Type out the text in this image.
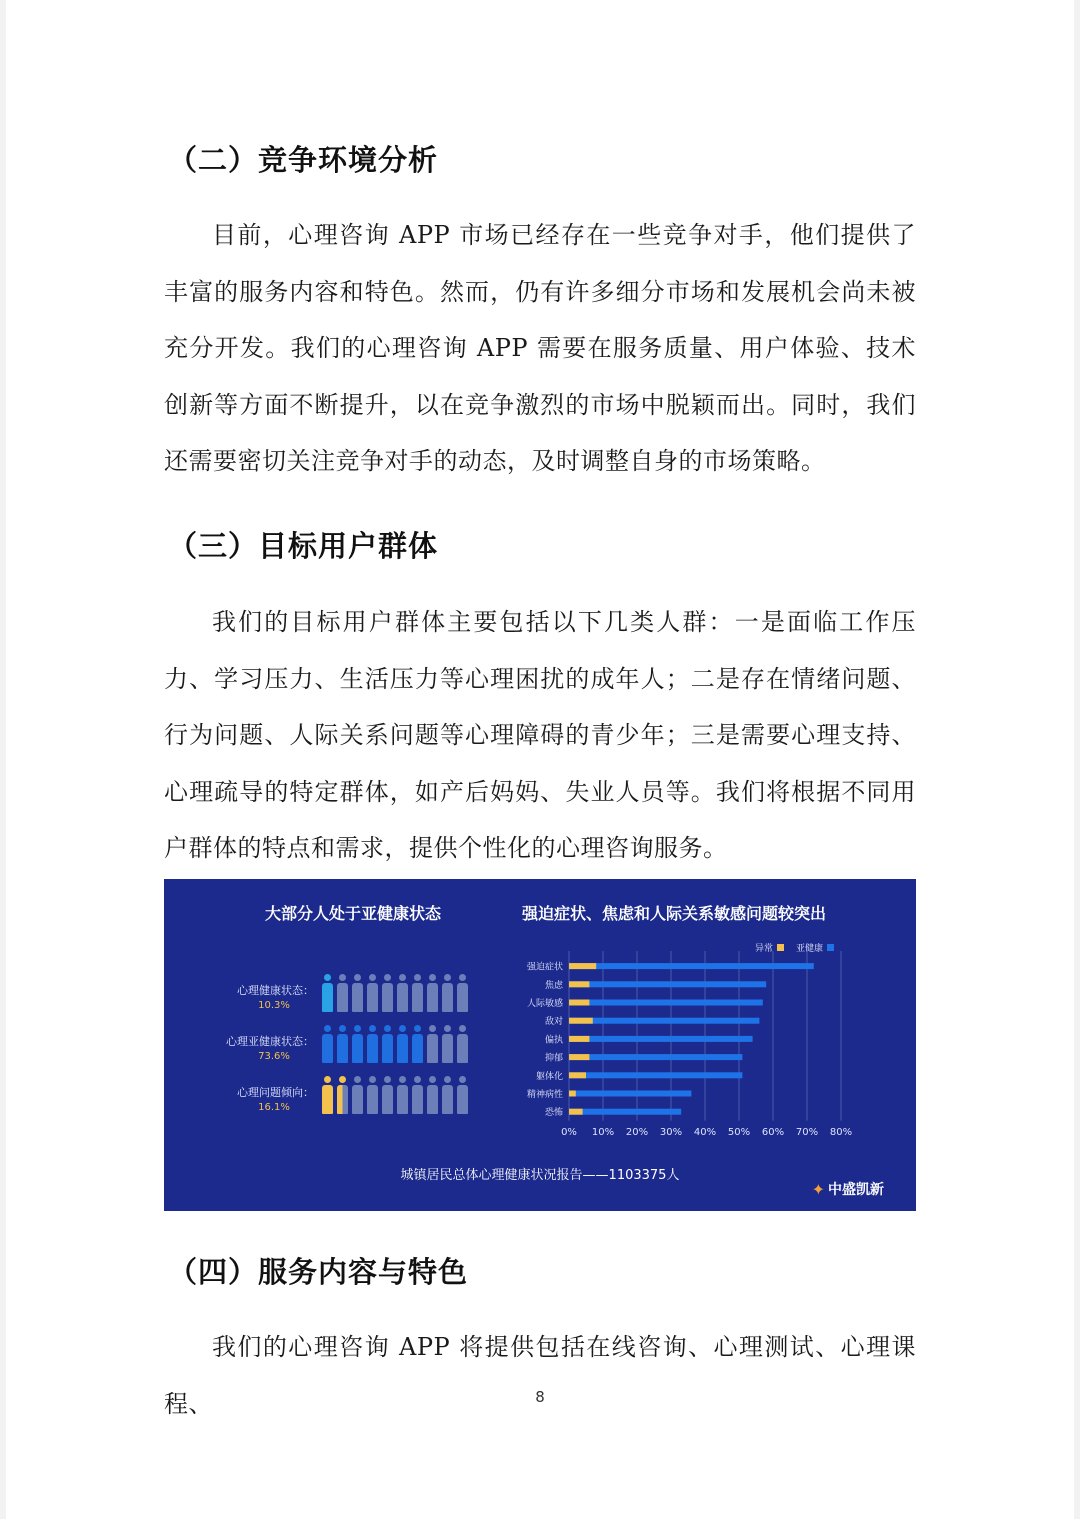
（二）竞争环境分析

目前，心理咨询 APP 市场已经存在一些竞争对手，他们提供了丰富的服务内容和特色。然而，仍有许多细分市场和发展机会尚未被充分开发。我们的心理咨询 APP 需要在服务质量、用户体验、技术创新等方面不断提升，以在竞争激烈的市场中脱颖而出。同时，我们还需要密切关注竞争对手的动态，及时调整自身的市场策略。

（三）目标用户群体

我们的目标用户群体主要包括以下几类人群：一是面临工作压力、学习压力、生活压力等心理困扰的成年人；二是存在情绪问题、行为问题、人际关系问题等心理障碍的青少年；三是需要心理支持、心理疏导的特定群体，如产后妈妈、失业人员等。我们将根据不同用户群体的特点和需求，提供个性化的心理咨询服务。

大部分人处于亚健康状态	强迫症状、焦虑和人际关系敏感问题较突出
心理健康状态：
10.3%
心理亚健康状态：
73.6%
心理问题倾向：
16.1%
异常	亚健康
0% 10% 20% 30% 40% 50% 60% 70% 80%
强迫症状
焦虑
人际敏感
敌对
偏执
抑郁
躯体化
精神病性
恐怖
城镇居民总体心理健康状况报告——1103375人
✦ 中盛凯新
（四）服务内容与特色

我们的心理咨询 APP 将提供包括在线咨询、心理测试、心理课程、	8
